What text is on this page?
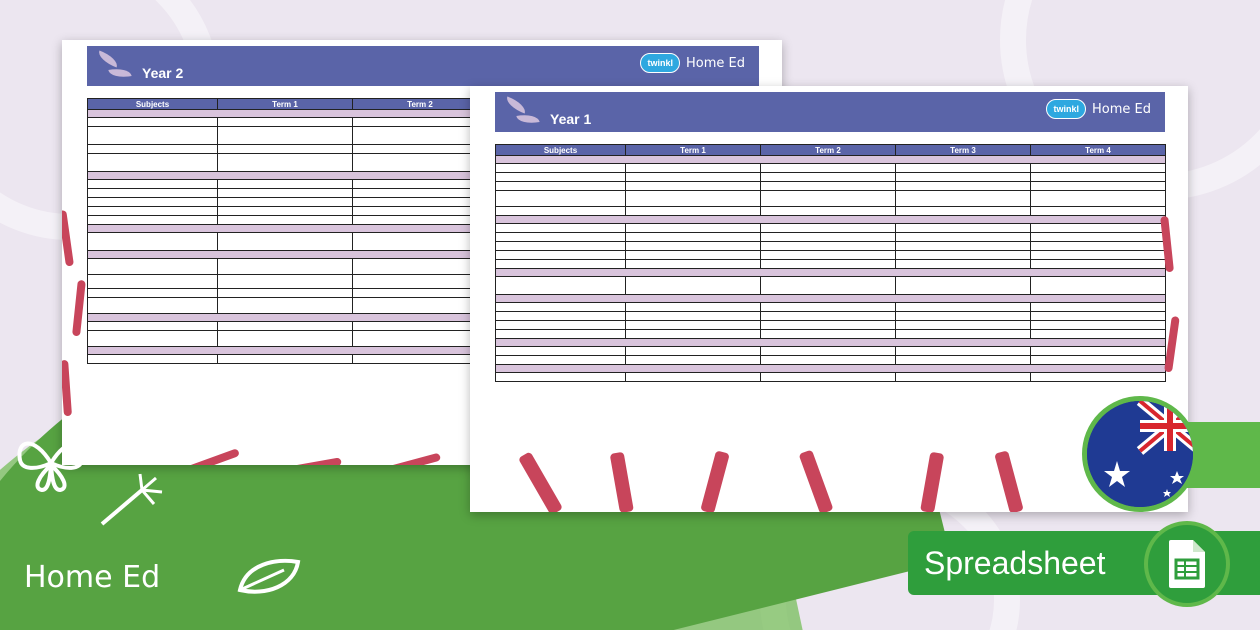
Year 2
twinkl	Home Ed
Subjects	Term 1	Term 2	

Year 1
twinkl	Home Ed
Subjects	Term 1	Term 2	Term 3	Term 4

Spreadsheet
Home Ed
